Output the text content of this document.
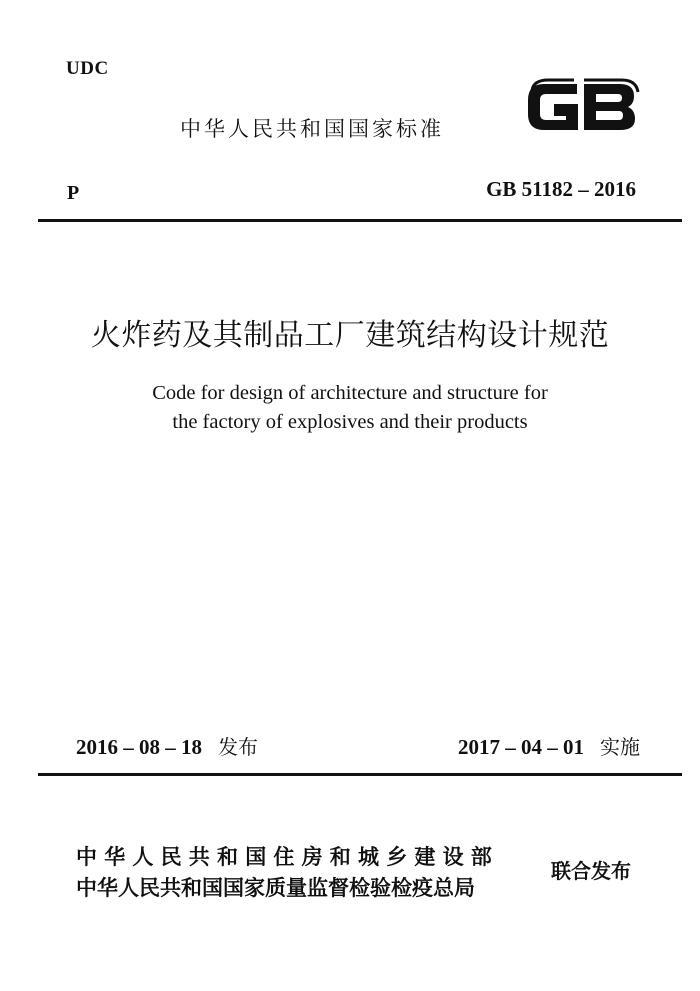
UDC
中华人民共和国国家标准
P	GB 51182 – 2016
火炸药及其制品工厂建筑结构设计规范
Code for design of architecture and structure for
the factory of explosives and their products
2016 – 08 – 18 发布	2017 – 04 – 01 实施
中华人民共和国住房和城乡建设部
中华人民共和国国家质量监督检验检疫总局
联合发布
